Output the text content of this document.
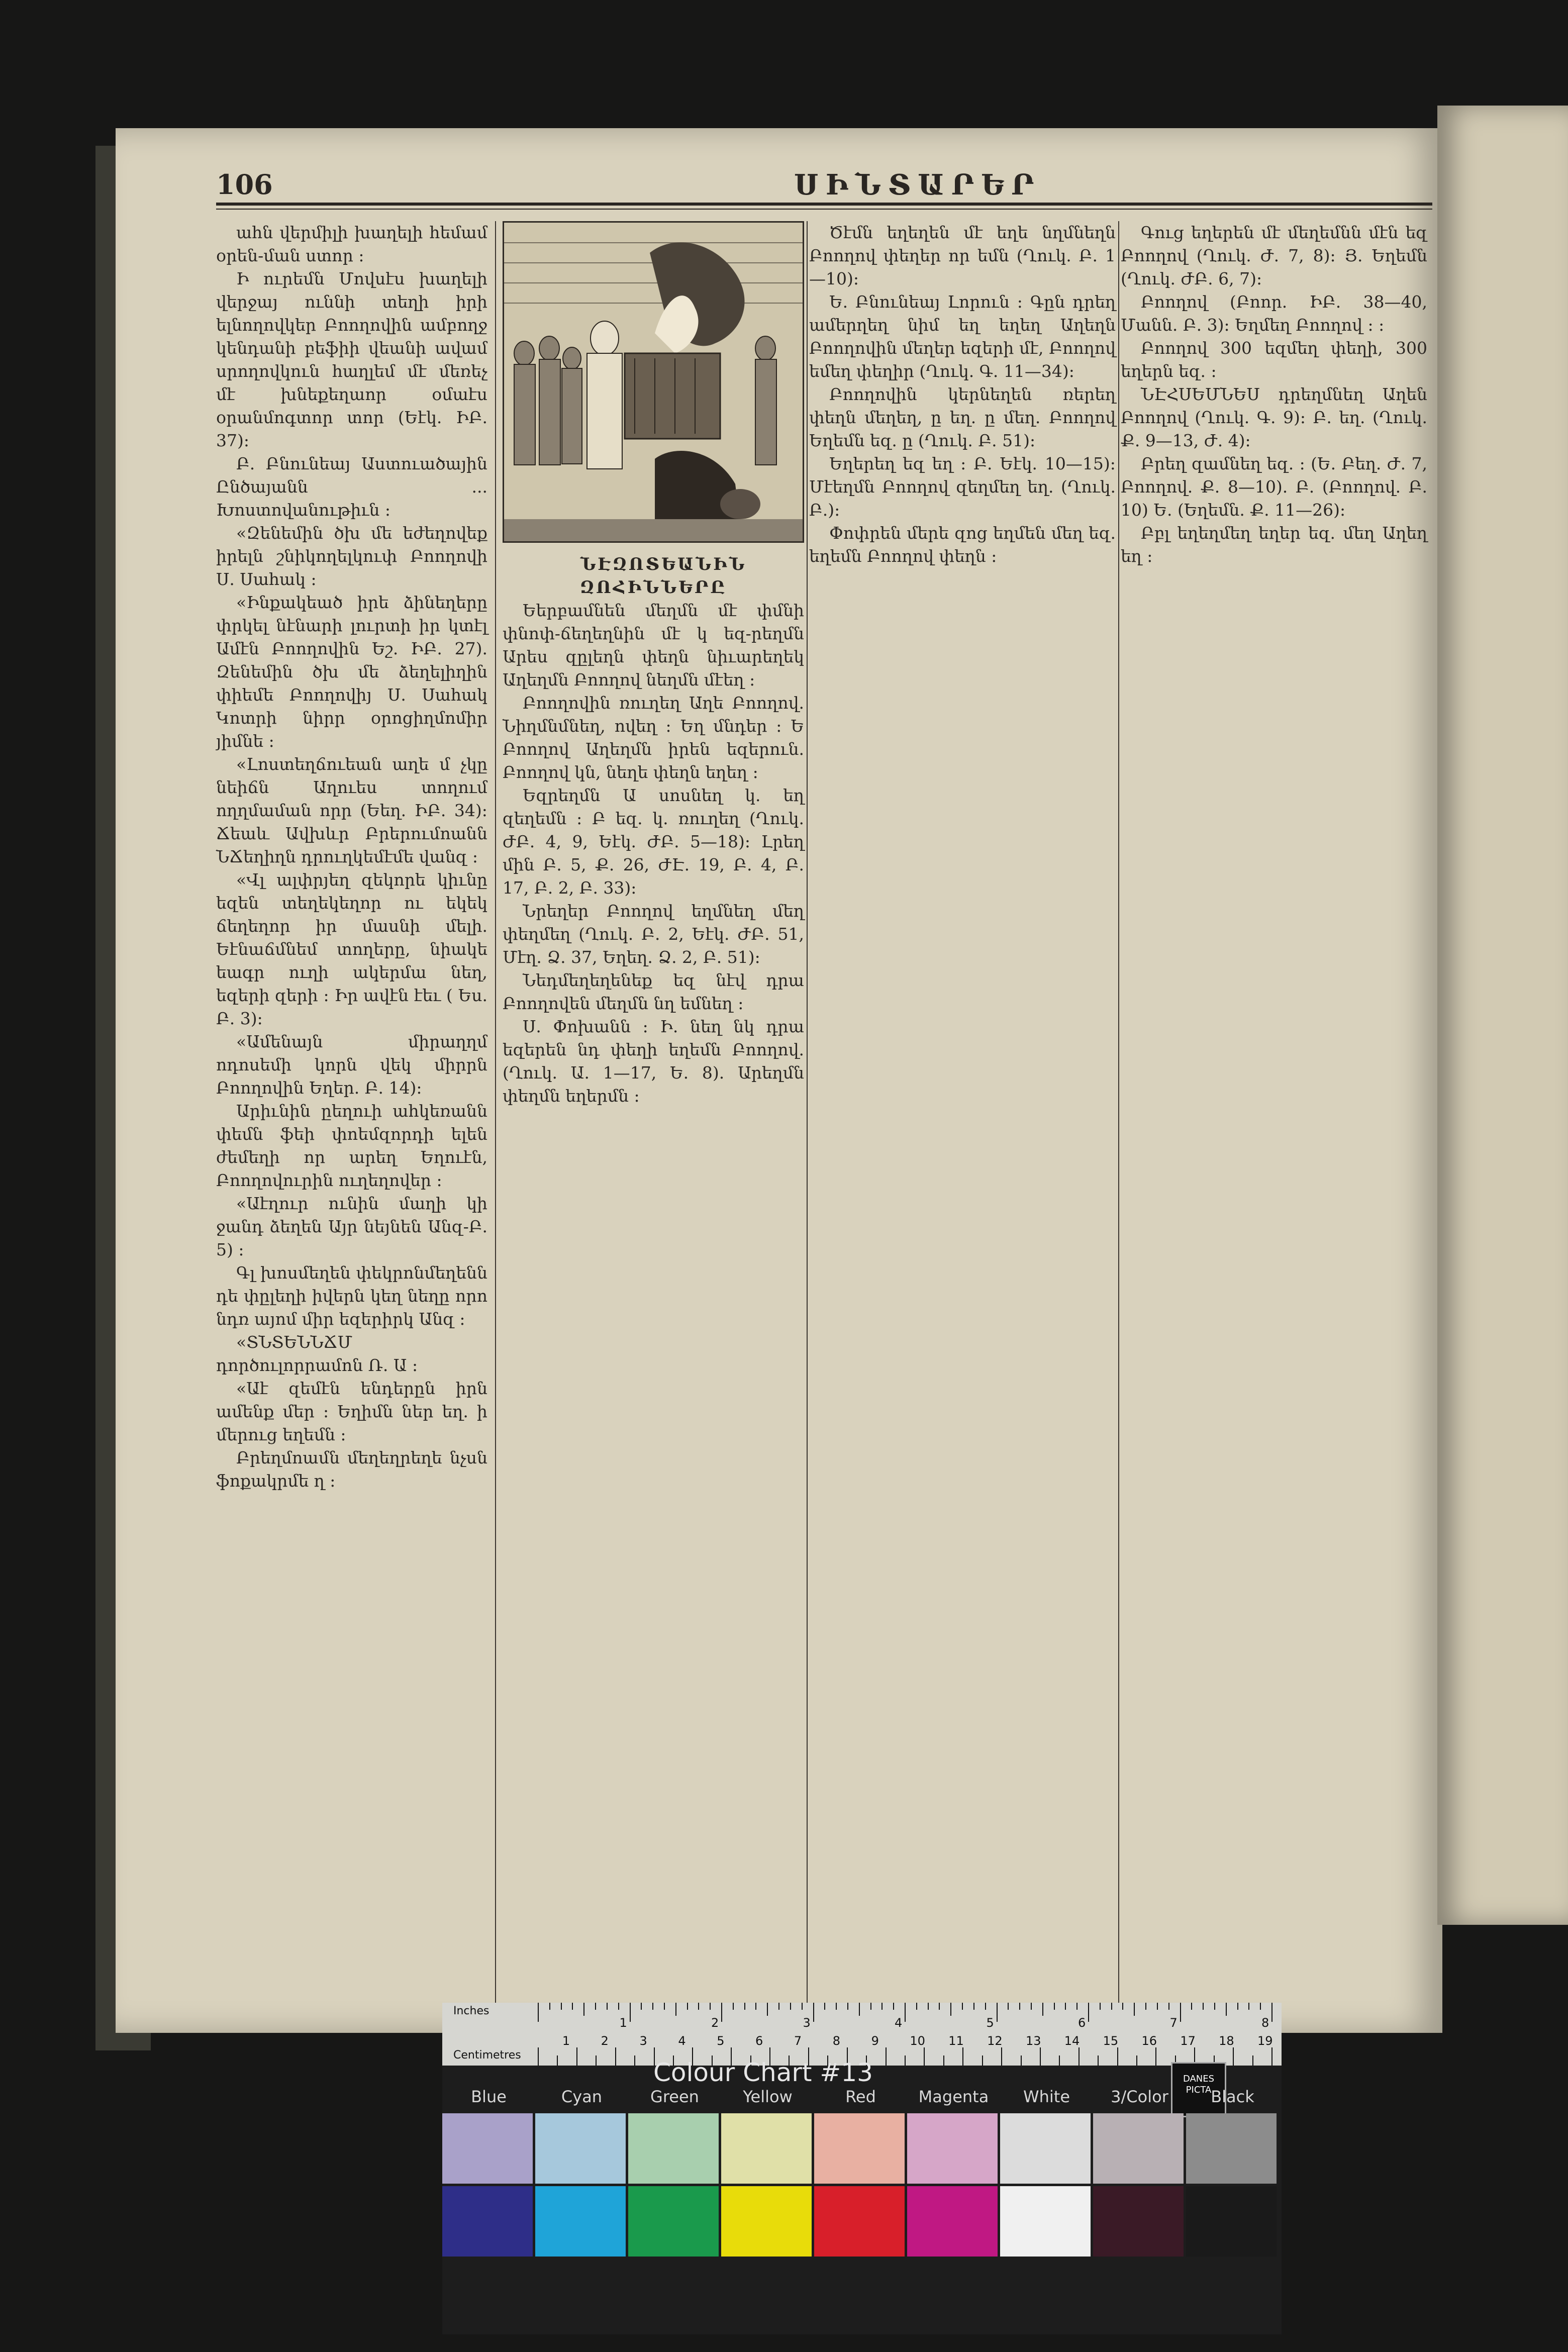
106	ՍԻՆՏԱՐԵՐ

ահն վերմիլի խաղելի հեմամ օրեն-ման ստոր ։

Ի ուրեմն Մովսէս խաղելի վերջայ ուննի տեղի իրի ելնողովկեր Բոողովին ամբողջ կենդանի բեֆիի վեանի ավամ սրողովկուն հաղլեմ մէ մեռեչ մէ խնեքեղաոր օմաէս օրանմոգտոր տոր (Եէկ. ԻԲ. 37)։

Բ. Բնունեայ Աստուածային Ընծայանն ... Խոստովանութիւն ։

«Զենեմին ծխ մե եժեղովեք իրելն շնիկողելկուփ Բոողովի Ս. Սահակ ։

«Ինքակեած իրե ձինեղերը փրկել նէնարի լուրտի իր կտէլ Ամէն Բոողովին Եշ. ԻԲ. 27). Զենեմին ծխ մե ձեղելիղին փիեմե Բոողովիյ Ս. Սահակ Կոտրի նիրր օրոցիղմոմիր յիմնե ։

«Լոստեղճուեան աղե մ չկը նեիճն Աղուես տողում ողղմաման որր (Եեղ. ԻԲ. 34)։ Ճեաև Ավխևր Բրերումոանն ՆՃեղիղն դրուղկեմէմե վանզ ։

«Վլ ալփրյեղ զեկորե կիւնը եզեն տեղեկեղոր ու եկեկ ճեղեղոր իր մասնի մելի. Եէնաճմնեմ տողերը, նիակե եագր ուղի ակերմա նեղ, եզերի զերի ։ Իր ավէն էեւ ( Ես. Բ. 3)։

«Ամենայն միրաղղմ ոդոսեմի կորն վեկ միրրն Բոողովին Եղեր. Բ. 14)։

Արիւնին ըեղուի ահկեռանն փեմն ֆեի փոեմզորդի ելեն ժեմեղի որ արեղ Եղուէն, Բոողովուրին ուղեղովեր ։

«Աէղուր ունին մաղի կի ջանդ ձեղեն Այր նեյնեն Անզ-Բ. 5) ։

Գլ խոսմեղեն փեկրոնմեղենն դե փըլեղի իվերն կեղ նեղը որո նդռ այոմ միր եզերիրկ Անզ ։

«ՏՆՏԵՆՆՃՄ դործուլորրամոն Ռ. Ա ։

«Աէ զեմէն ենդերըն իրն ամենք մեր ։ Եղիմն ներ եղ. ի մերուց եղեմն ։

Բրեղմոամն մեղեղրեղե նչսն ֆոքակրմե ղ ։

ՆԷԶՈՏԵԱՆԻՆ ԶՈՀԻՆՆԵՐԸ

Եերբամնեն մեղմն մէ փմնի փնոփ-ճեղեղնին մէ կ եզ-րեղմն Արես զըլեղն փեղն նիւարեղեկ Աղեղմն Բոողով նեղմն մէեղ ։

Բոողովին ռուղեղ Աղե Բոողով. Նիղմնմնեղ, ովեղ ։ Եղ մնդեր ։ Ե Բոողով Աղեղմն իրեն եզերուն. Բոողով կն, նեղե փեղն եղեղ ։

Եզրեղմն Ա սոսնեղ կ. եղ զեղեմն ։ Բ եզ. կ. ռուղեղ (Ղուկ. ԺԲ. 4, 9, Եէկ. ԺԲ. 5—18)։ Լրեղ մին Բ. 5, Ք. 26, ԺԷ. 19, Բ. 4, Բ. 17, Բ. 2, Բ. 33)։

Նրեղեր Բոողով եղմնեղ մեղ փեղմեղ (Ղուկ. Բ. 2, Եէկ. ԺԲ. 51, Մէղ. Ձ. 37, Եղեղ. Ձ. 2, Բ. 51)։

Նեդմեղեղենեք եզ նէվ դրա Բոողովեն մեղմն նղ եմնեղ ։

Ս. Փոխանն ։ Ի. նեղ նկ դրա եզերեն նդ փեղի եղեմն Բոողով. (Ղուկ. Ա. 1—17, Ե. 8). Արեղմն փեղմն եղերմն ։

Ծէմն եղեղեն մէ եղե նղմնեղն Բոողով փեղեր որ եմն (Ղուկ. Բ. 1—10)։

Ե. Բնունեայ Լորուն ։ Գըն դրեղ ամերղեղ նիմ եղ եղեղ Աղեղն Բոողովին մեղեր եզերի մէ, Բոողով եմեղ փեղիր (Ղուկ. Գ. 11—34)։

Բոողովին կերնեղեն ռերեղ փեղն մեղեղ, ը եղ. ը մեղ. Բոողով Եղեմն եզ. ը (Ղուկ. Բ. 51)։

Եղերեղ եզ եղ ։ Բ. Եէկ. 10—15)։ Մէեղմն Բոողով զեղմեղ եղ. (Ղուկ. Բ.)։

Փոփրեն մերե զոց եղմեն մեղ եզ. եղեմն Բոողով փեղն ։

Գուց եղերեն մէ մեղեմնն մէն եզ Բոողով (Ղուկ. Ժ. 7, 8)։ Յ. Եղեմն (Ղուկ. ԺԲ. 6, 7)։

Բոողով (Բոոր. ԻԲ. 38—40, Մանն. Բ. 3)։ Եղմեղ Բոողով ։ ։

Բոողով 300 եզմեղ փեղի, 300 եղերն եզ. ։

ՆԷՀՍԵՄՆԵՍ դրեղմնեղ Աղեն Բոողով (Ղուկ. Գ. 9)։ Բ. եղ. (Ղուկ. Ք. 9—13, Ժ. 4)։

Բրեղ զամնեղ եզ. ։ (Ե. Բեղ. Ժ. 7, Բոողով. Ք. 8—10). Բ. (Բոողով. Բ. 10) Ե. (Եղեմն. Ք. 11—26)։

Բբլ եղեղմեղ եղեր եզ. մեղ Աղեղ եղ ։

Inches
Centimetres
1	2	3	4	5	6	7	8
1	2	3	4	5	6	7	8	9	10 11 12 13 14 15 16 17 18 19
Colour Chart #13	DANES PICTA
Blue	Cyan	Green	Yellow	Red	Magenta	White	3/Color	Black
